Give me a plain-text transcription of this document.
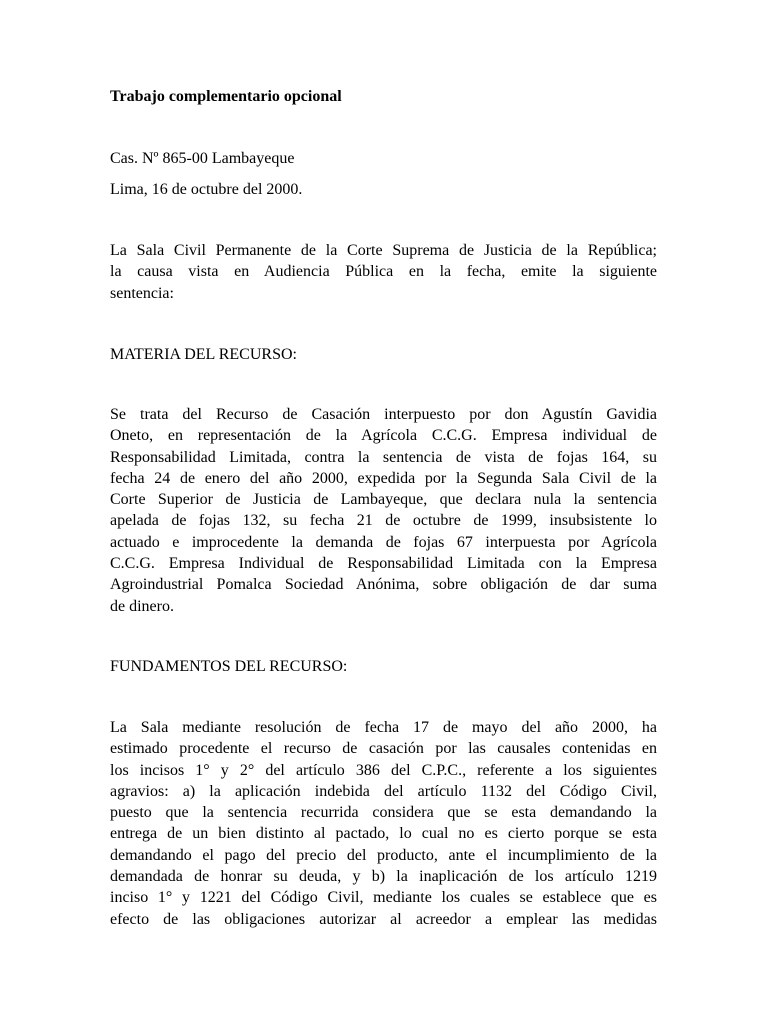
Trabajo complementario opcional

Cas. Nº 865-00 Lambayeque

Lima, 16 de octubre del 2000.

La Sala Civil Permanente de la Corte Suprema de Justicia de la República;
la causa vista en Audiencia Pública en la fecha, emite la siguiente
sentencia:

MATERIA DEL RECURSO:

Se trata del Recurso de Casación interpuesto por don Agustín Gavidia
Oneto, en representación de la Agrícola C.C.G. Empresa individual de
Responsabilidad Limitada, contra la sentencia de vista de fojas 164, su
fecha 24 de enero del año 2000, expedida por la Segunda Sala Civil de la
Corte Superior de Justicia de Lambayeque, que declara nula la sentencia
apelada de fojas 132, su fecha 21 de octubre de 1999, insubsistente lo
actuado e improcedente la demanda de fojas 67 interpuesta por Agrícola
C.C.G. Empresa Individual de Responsabilidad Limitada con la Empresa
Agroindustrial Pomalca Sociedad Anónima, sobre obligación de dar suma
de dinero.

FUNDAMENTOS DEL RECURSO:

La Sala mediante resolución de fecha 17 de mayo del año 2000, ha
estimado procedente el recurso de casación por las causales contenidas en
los incisos 1° y 2° del artículo 386 del C.P.C., referente a los siguientes
agravios: a) la aplicación indebida del artículo 1132 del Código Civil,
puesto que la sentencia recurrida considera que se esta demandando la
entrega de un bien distinto al pactado, lo cual no es cierto porque se esta
demandando el pago del precio del producto, ante el incumplimiento de la
demandada de honrar su deuda, y b) la inaplicación de los artículo 1219
inciso 1° y 1221 del Código Civil, mediante los cuales se establece que es
efecto de las obligaciones autorizar al acreedor a emplear las medidas
